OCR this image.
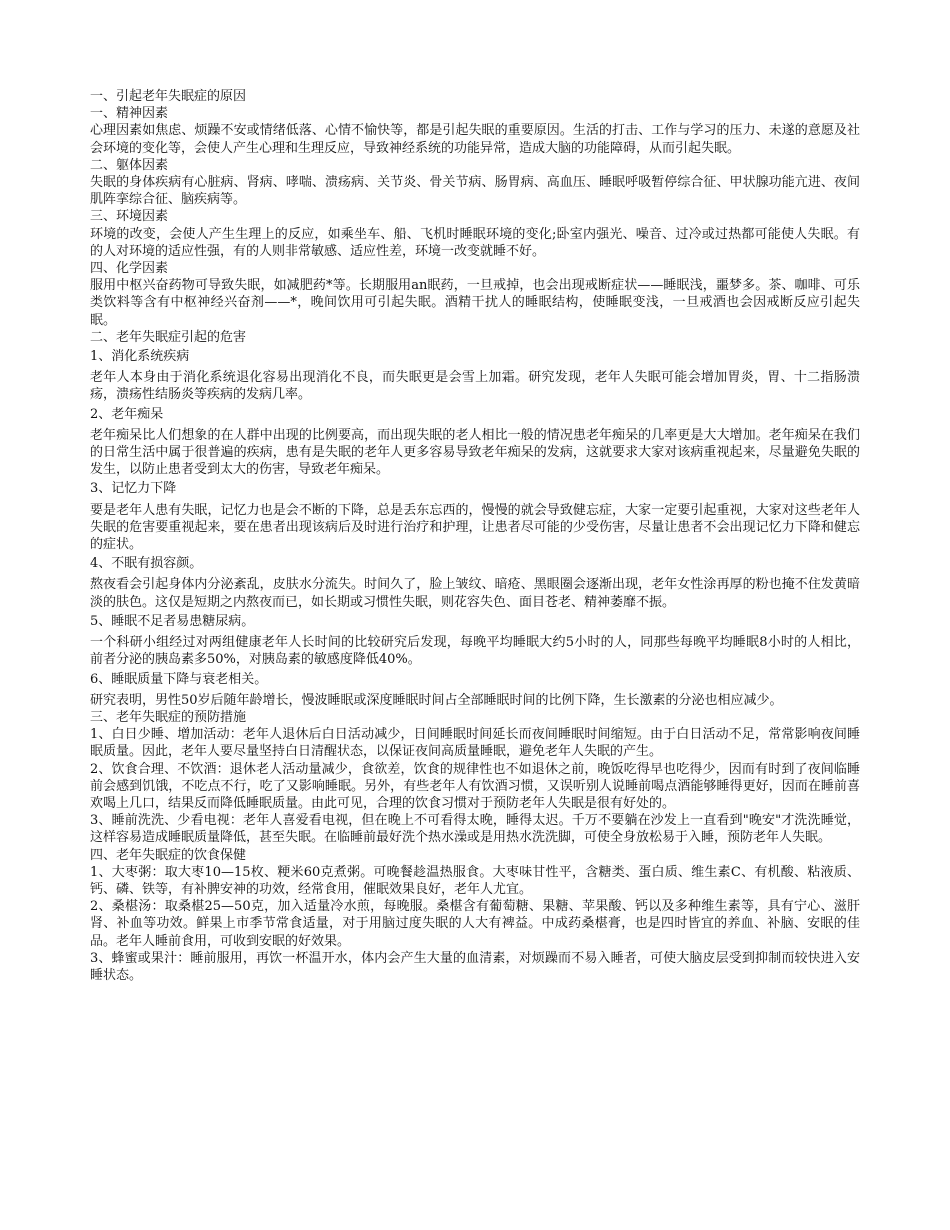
一、引起老年失眠症的原因
一、精神因素
心理因素如焦虑、烦躁不安或情绪低落、心情不愉快等，都是引起失眠的重要原因。生活的打击、工作与学习的压力、未遂的意愿及社会环境的变化等，会使人产生心理和生理反应，导致神经系统的功能异常，造成大脑的功能障碍，从而引起失眠。
二、躯体因素
失眠的身体疾病有心脏病、肾病、哮喘、溃疡病、关节炎、骨关节病、肠胃病、高血压、睡眠呼吸暂停综合征、甲状腺功能亢进、夜间肌阵挛综合征、脑疾病等。
三、环境因素
环境的改变，会使人产生生理上的反应，如乘坐车、船、飞机时睡眠环境的变化;卧室内强光、噪音、过冷或过热都可能使人失眠。有的人对环境的适应性强，有的人则非常敏感、适应性差，环境一改变就睡不好。
四、化学因素
服用中枢兴奋药物可导致失眠，如减肥药*等。长期服用an眠药，一旦戒掉，也会出现戒断症状——睡眠浅，噩梦多。茶、咖啡、可乐类饮料等含有中枢神经兴奋剂——*，晚间饮用可引起失眠。酒精干扰人的睡眠结构，使睡眠变浅，一旦戒酒也会因戒断反应引起失眠。
二、老年失眠症引起的危害
1、消化系统疾病
老年人本身由于消化系统退化容易出现消化不良，而失眠更是会雪上加霜。研究发现，老年人失眠可能会增加胃炎，胃、十二指肠溃疡，溃疡性结肠炎等疾病的发病几率。
2、老年痴呆
老年痴呆比人们想象的在人群中出现的比例要高，而出现失眠的老人相比一般的情况患老年痴呆的几率更是大大增加。老年痴呆在我们的日常生活中属于很普遍的疾病，患有是失眠的老年人更多容易导致老年痴呆的发病，这就要求大家对该病重视起来，尽量避免失眠的发生，以防止患者受到太大的伤害，导致老年痴呆。
3、记忆力下降
要是老年人患有失眠，记忆力也是会不断的下降，总是丢东忘西的，慢慢的就会导致健忘症，大家一定要引起重视，大家对这些老年人失眠的危害要重视起来，要在患者出现该病后及时进行治疗和护理，让患者尽可能的少受伤害，尽量让患者不会出现记忆力下降和健忘的症状。
4、不眠有损容颜。
熬夜看会引起身体内分泌紊乱，皮肤水分流失。时间久了，脸上皱纹、暗疮、黑眼圈会逐渐出现，老年女性涂再厚的粉也掩不住发黄暗淡的肤色。这仅是短期之内熬夜而已，如长期或习惯性失眠，则花容失色、面目苍老、精神萎靡不振。
5、睡眠不足者易患糖尿病。
一个科研小组经过对两组健康老年人长时间的比较研究后发现，每晚平均睡眠大约5小时的人，同那些每晚平均睡眠8小时的人相比，前者分泌的胰岛素多50%，对胰岛素的敏感度降低40%。
6、睡眠质量下降与衰老相关。
研究表明，男性50岁后随年龄增长，慢波睡眠或深度睡眠时间占全部睡眠时间的比例下降，生长激素的分泌也相应减少。
三、老年失眠症的预防措施
1、白日少睡、增加活动：老年人退休后白日活动减少，日间睡眠时间延长而夜间睡眠时间缩短。由于白日活动不足，常常影响夜间睡眠质量。因此，老年人要尽量坚持白日清醒状态，以保证夜间高质量睡眠，避免老年人失眠的产生。
2、饮食合理、不饮酒：退休老人活动量减少，食欲差，饮食的规律性也不如退休之前，晚饭吃得早也吃得少，因而有时到了夜间临睡前会感到饥饿，不吃点不行，吃了又影响睡眠。另外，有些老年人有饮酒习惯，又误听别人说睡前喝点酒能够睡得更好，因而在睡前喜欢喝上几口，结果反而降低睡眠质量。由此可见，合理的饮食习惯对于预防老年人失眠是很有好处的。
3、睡前洗洗、少看电视：老年人喜爱看电视，但在晚上不可看得太晚，睡得太迟。千万不要躺在沙发上一直看到"晚安"才洗洗睡觉，这样容易造成睡眠质量降低，甚至失眠。在临睡前最好洗个热水澡或是用热水洗洗脚，可使全身放松易于入睡，预防老年人失眠。
四、老年失眠症的饮食保健
1、大枣粥：取大枣10—15枚、粳米60克煮粥。可晚餐趁温热服食。大枣味甘性平，含糖类、蛋白质、维生素C、有机酸、粘液质、钙、磷、铁等，有补脾安神的功效，经常食用，催眠效果良好，老年人尤宜。
2、桑椹汤：取桑椹25—50克，加入适量冷水煎，每晚服。桑椹含有葡萄糖、果糖、苹果酸、钙以及多种维生素等，具有宁心、滋肝肾、补血等功效。鲜果上市季节常食适量，对于用脑过度失眠的人大有裨益。中成药桑椹膏，也是四时皆宜的养血、补脑、安眠的佳品。老年人睡前食用，可收到安眠的好效果。
3、蜂蜜或果汁：睡前服用，再饮一杯温开水，体内会产生大量的血清素，对烦躁而不易入睡者，可使大脑皮层受到抑制而较快进入安睡状态。
